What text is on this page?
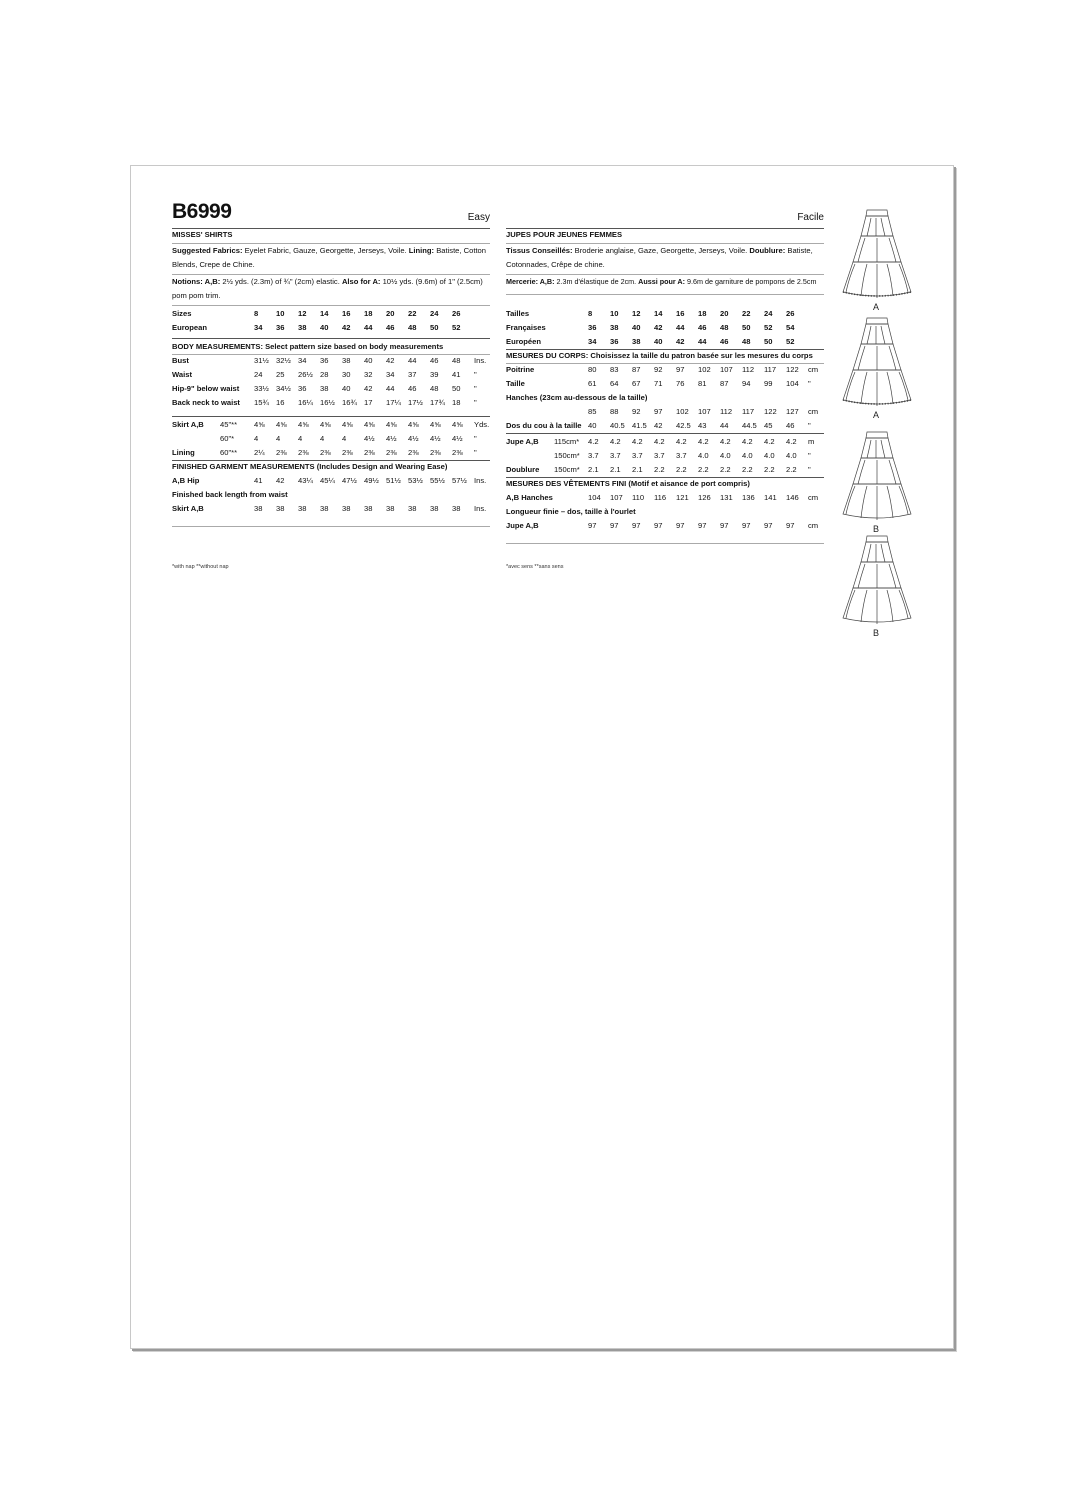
B6999	Easy
MISSES' SHIRTS
Suggested Fabrics: Eyelet Fabric, Gauze, Georgette, Jerseys, Voile. Lining: Batiste, Cotton Blends, Crepe de Chine.
Notions: A,B: 2½ yds. (2.3m) of ¾" (2cm) elastic. Also for A: 10½ yds. (9.6m) of 1" (2.5cm) pom pom trim.
Sizes	8 10 12 14 16 18 20 22 24 26
European	34 36 38 40 42 44 46 48 50 52
BODY MEASUREMENTS: Select pattern size based on body measurements
Bust	31½ 32½ 34 36 38 40 42 44 46 48 Ins.
Waist	24 25 26½ 28 30 32 34 37 39 41 "
Hip-9" below waist 33½ 34½ 36 38 40 42 44 46 48 50 "
Back neck to waist 15¾ 16 16¼ 16½ 16¾ 17 17¼ 17½ 17¾ 18 "
Skirt A,B 45"** 4⅝ 4⅝ 4⅝ 4⅝ 4⅝ 4⅝ 4⅝ 4⅝ 4⅝ 4⅝ Yds.
60"*	4 4 4 4 4 4½ 4½ 4½ 4½ 4½ "
Lining	60"** 2¼ 2⅜ 2⅜ 2⅜ 2⅜ 2⅜ 2⅜ 2⅜ 2⅜ 2⅜ "
FINISHED GARMENT MEASUREMENTS (Includes Design and Wearing Ease)
A,B Hip	41 42 43¼ 45¼ 47½ 49½ 51½ 53½ 55½ 57½ Ins.
Finished back length from waist
Skirt A,B	38 38 38 38 38 38 38 38 38 38 Ins.
*with nap **without nap
Facile
JUPES POUR JEUNES FEMMES
Tissus Conseillés: Broderie anglaise, Gaze, Georgette, Jerseys, Voile. Doublure: Batiste, Cotonnades, Crêpe de chine.
Mercerie: A,B: 2.3m d'élastique de 2cm. Aussi pour A: 9.6m de garniture de pompons de 2.5cm
Tailles	8 10 12 14 16 18 20 22 24 26
Françaises	36 38 40 42 44 46 48 50 52 54
Européen	34 36 38 40 42 44 46 48 50 52
MESURES DU CORPS: Choisissez la taille du patron basée sur les mesures du corps
Poitrine	80 83 87 92 97 102 107 112 117 122 cm
Taille	61 64 67 71 76 81 87 94 99 104 "
Hanches (23cm au-dessous de la taille)
85 88 92 97 102 107 112 117 122 127 cm
Dos du cou à la taille 40 40.5 41.5 42 42.5 43 44 44.5 45 46 "
Jupe A,B 115cm* 4.2 4.2 4.2 4.2 4.2 4.2 4.2 4.2 4.2 4.2 m
150cm* 3.7 3.7 3.7 3.7 3.7 4.0 4.0 4.0 4.0 4.0 "
Doublure 150cm* 2.1 2.1 2.1 2.2 2.2 2.2 2.2 2.2 2.2 2.2 "
MESURES DES VÊTEMENTS FINI (Motif et aisance de port compris)
A,B Hanches	104 107 110 116 121 126 131 136 141 146 cm
Longueur finie – dos, taille à l'ourlet
Jupe A,B	97 97 97 97 97 97 97 97 97 97 cm
*avec sens **sans sens
A
A
B
B
